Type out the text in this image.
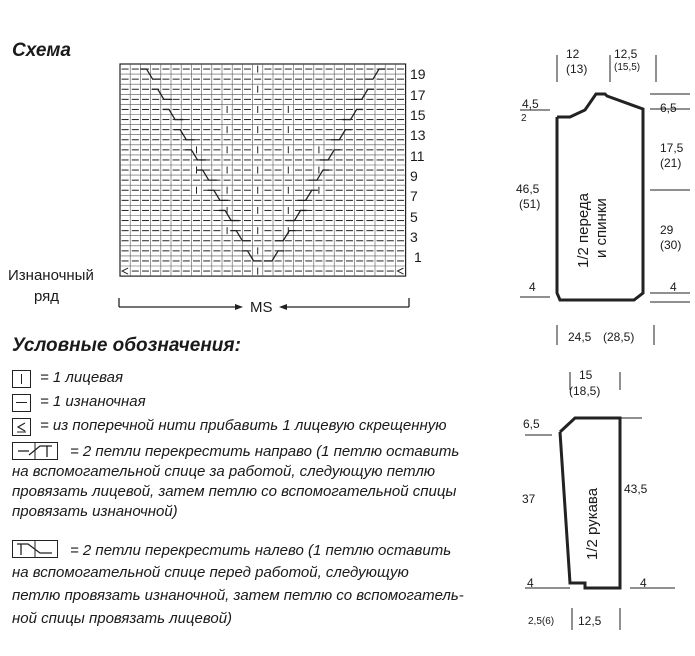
Схема
19
17
15
13
11
9
7
5
3
1
Изнаночный
ряд
MS
Условные обозначения:
= 1 лицевая
= 1 изнаночная
= из поперечной нити прибавить 1 лицевую скрещенную
= 2 петли перекрестить направо (1 петлю оставить
на вспомогательной спице за работой, следующую петлю
провязать лицевой, затем петлю со вспомогательной спицы
провязать изнаночной)
= 2 петли перекрестить налево (1 петлю оставить
на вспомогательной спице перед работой, следующую
петлю провязать изнаночной, затем петлю со вспомогатель-
ной спицы провязать лицевой)
12
(13)
12,5
(15,5)
4,5
2
6,5
17,5
(21)
29
(30)
46,5
(51)
4	4
24,5 (28,5)
1/2 переда и спинки
15
(18,5)
6,5
37
43,5
4	4
2,5(6) 12,5
1/2 рукава
